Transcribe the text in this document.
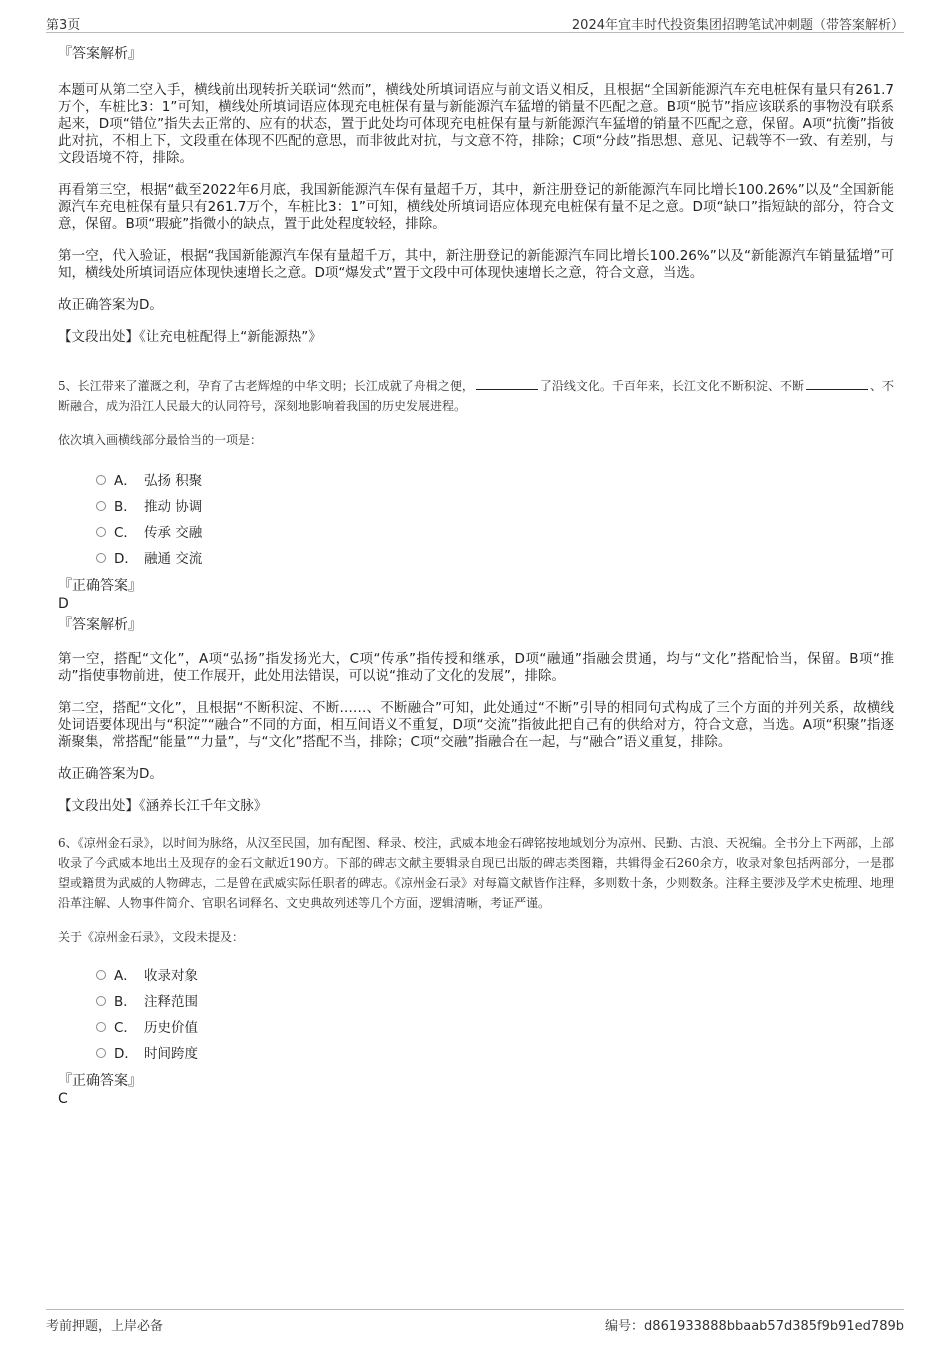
第3页	2024年宜丰时代投资集团招聘笔试冲刺题（带答案解析）

『答案解析』

本题可从第二空入手，横线前出现转折关联词“然而”，横线处所填词语应与前文语义相反，且根据“全国新能源汽车充电桩保有量只有261.7万个，车桩比3：1”可知，横线处所填词语应体现充电桩保有量与新能源汽车猛增的销量不匹配之意。B项“脱节”指应该联系的事物没有联系起来，D项“错位”指失去正常的、应有的状态，置于此处均可体现充电桩保有量与新能源汽车猛增的销量不匹配之意，保留。A项“抗衡”指彼此对抗，不相上下，文段重在体现不匹配的意思，而非彼此对抗，与文意不符，排除；C项“分歧”指思想、意见、记载等不一致、有差别，与文段语境不符，排除。

再看第三空，根据“截至2022年6月底，我国新能源汽车保有量超千万，其中，新注册登记的新能源汽车同比增长100.26%”以及“全国新能源汽车充电桩保有量只有261.7万个，车桩比3：1”可知，横线处所填词语应体现充电桩保有量不足之意。D项“缺口”指短缺的部分，符合文意，保留。B项“瑕疵”指微小的缺点，置于此处程度较轻，排除。

第一空，代入验证，根据“我国新能源汽车保有量超千万，其中，新注册登记的新能源汽车同比增长100.26%”以及“新能源汽车销量猛增”可知，横线处所填词语应体现快速增长之意。D项“爆发式”置于文段中可体现快速增长之意，符合文意，当选。

故正确答案为D。

【文段出处】《让充电桩配得上“新能源热”》

5、长江带来了灌溉之利，孕育了古老辉煌的中华文明；长江成就了舟楫之便，	了沿线文化。千百年来，长江文化不断积淀、不断	、不断融合，成为沿江人民最大的认同符号，深刻地影响着我国的历史发展进程。

依次填入画横线部分最恰当的一项是：

A． 弘扬 积聚
B． 推动 协调
C． 传承 交融
D． 融通 交流

『正确答案』

D

『答案解析』

第一空，搭配“文化”，A项“弘扬”指发扬光大，C项“传承”指传授和继承，D项“融通”指融会贯通，均与“文化”搭配恰当，保留。B项“推动”指使事物前进，使工作展开，此处用法错误，可以说“推动了文化的发展”，排除。

第二空，搭配“文化”，且根据“不断积淀、不断……、不断融合”可知，此处通过“不断”引导的相同句式构成了三个方面的并列关系，故横线处词语要体现出与“积淀”“融合”不同的方面，相互间语义不重复，D项“交流”指彼此把自己有的供给对方，符合文意，当选。A项“积聚”指逐渐聚集，常搭配“能量”“力量”，与“文化”搭配不当，排除；C项“交融”指融合在一起，与“融合”语义重复，排除。

故正确答案为D。

【文段出处】《涵养长江千年文脉》

6、《凉州金石录》，以时间为脉络，从汉至民国，加有配图、释录、校注，武威本地金石碑铭按地域划分为凉州、民勤、古浪、天祝编。全书分上下两部，上部收录了今武威本地出土及现存的金石文献近190方。下部的碑志文献主要辑录自现已出版的碑志类图籍，共辑得金石260余方，收录对象包括两部分，一是郡望或籍贯为武威的人物碑志，二是曾在武威实际任职者的碑志。《凉州金石录》对每篇文献皆作注释，多则数十条，少则数条。注释主要涉及学术史梳理、地理沿革注解、人物事件简介、官职名词释名、文史典故列述等几个方面，逻辑清晰，考证严谨。

关于《凉州金石录》，文段未提及：

A． 收录对象
B． 注释范围
C． 历史价值
D． 时间跨度

『正确答案』

C

考前押题，上岸必备	编号：d861933888bbaab57d385f9b91ed789b
